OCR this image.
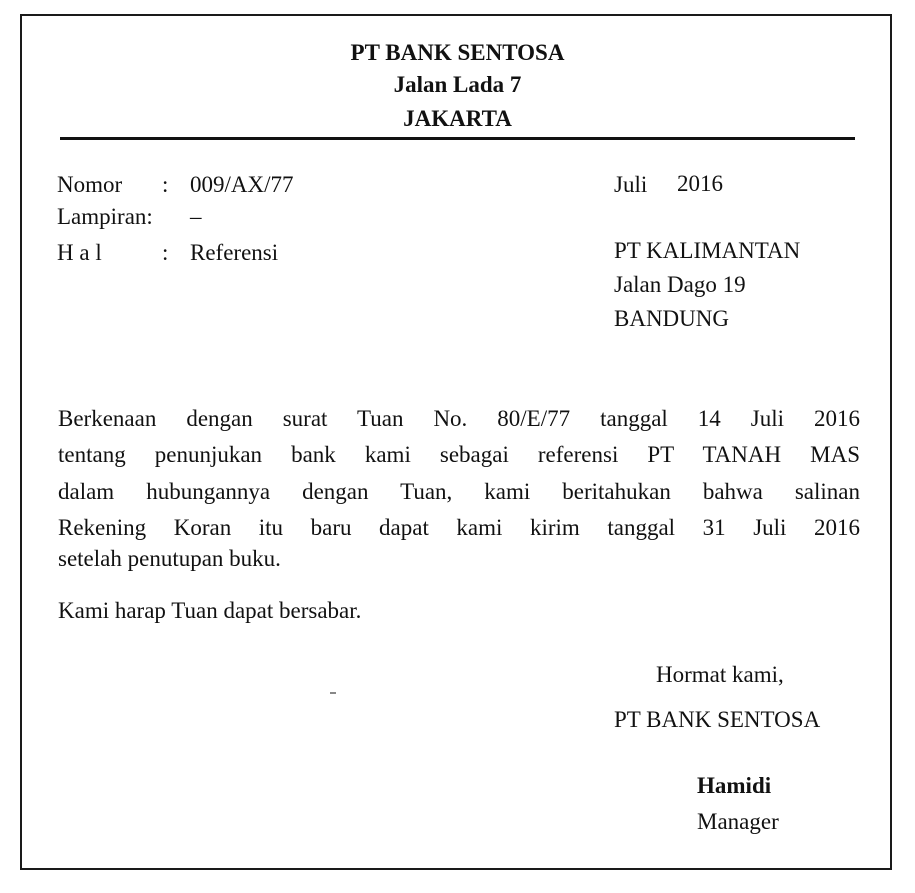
PT BANK SENTOSA
Jalan Lada 7
JAKARTA
Nomor : 009/AX/77
Lampiran: –
H a l	: Referensi
Juli 2016
PT KALIMANTAN
Jalan Dago 19
BANDUNG
Berkenaan dengan surat Tuan No. 80/E/77 tanggal 14 Juli 2016
tentang penunjukan bank kami sebagai referensi PT TANAH MAS
dalam hubungannya dengan Tuan, kami beritahukan bahwa salinan
Rekening Koran itu baru dapat kami kirim tanggal 31 Juli 2016
setelah penutupan buku.
Kami harap Tuan dapat bersabar.
Hormat kami,
PT BANK SENTOSA
Hamidi
Manager
